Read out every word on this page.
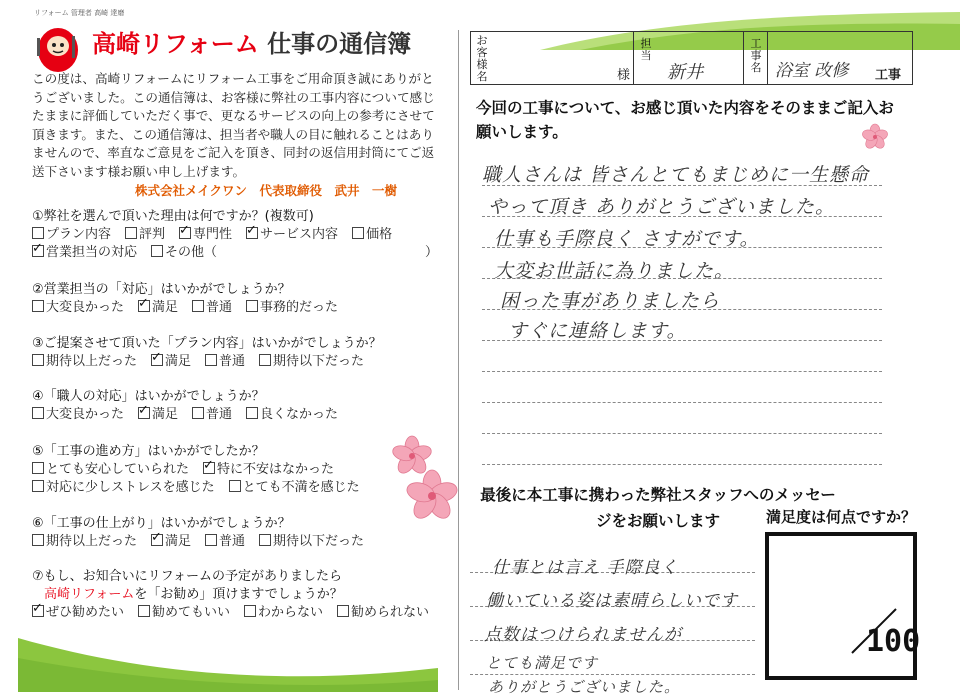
リフォーム 管理者 高崎 達磨
高崎リフォーム 仕事の通信簿
この度は、高崎リフォームにリフォーム工事をご用命頂き誠にありがとうございました。この通信簿は、お客様に弊社の工事内容について感じたままに評価していただく事で、更なるサービスの向上の参考にさせて頂きます。また、この通信簿は、担当者や職人の目に触れることはありませんので、率直なご意見をご記入を頂き、同封の返信用封筒にてご返送下さいます様お願い申し上げます。
株式会社メイクワン　代表取締役　武井　一樹
①弊社を選んで頂いた理由は何ですか？(複数可)
プラン内容 評判 ✓ 専門性 ✓ サービス内容 価格
✓営業担当の対応 その他（　　　　　　　　　　　　　　　　）
②営業担当の「対応」はいかがでしょうか？
大変良かった ✓ 満足 普通 事務的だった
③ご提案させて頂いた「プラン内容」はいかがでしょうか？
期待以上だった ✓ 満足 普通 期待以下だった
④「職人の対応」はいかがでしょうか？
大変良かった ✓ 満足 普通 良くなかった
⑤「工事の進め方」はいかがでしたか？
とても安心していられた ✓ 特に不安はなかった
対応に少しストレスを感じた とても不満を感じた
⑥「工事の仕上がり」はいかがでしょうか？
期待以上だった ✓ 満足 普通 期待以下だった
⑦もし、お知合いにリフォームの予定がありましたら
高崎リフォームを「お勧め」頂けますでしょうか？
✓ぜひ勧めたい 勧めてもいい わからない 勧められない
お客様名	様
担当
新井
工事名 浴室 改修 工事
今回の工事について、お感じ頂いた内容をそのままご記入お願いします。
職人さんは 皆さんとてもまじめに一生懸命
やって頂き ありがとうございました。
仕事も手際良く さすがです。
大変お世話に為りました。
困った事がありましたら
すぐに連絡します。
最後に本工事に携わった弊社スタッフへのメッセージをお願いします
仕事とは言え 手際良く
働いている姿は素晴らしいです
点数はつけられませんが
とても満足です
ありがとうございました。
満足度は何点ですか？
100
